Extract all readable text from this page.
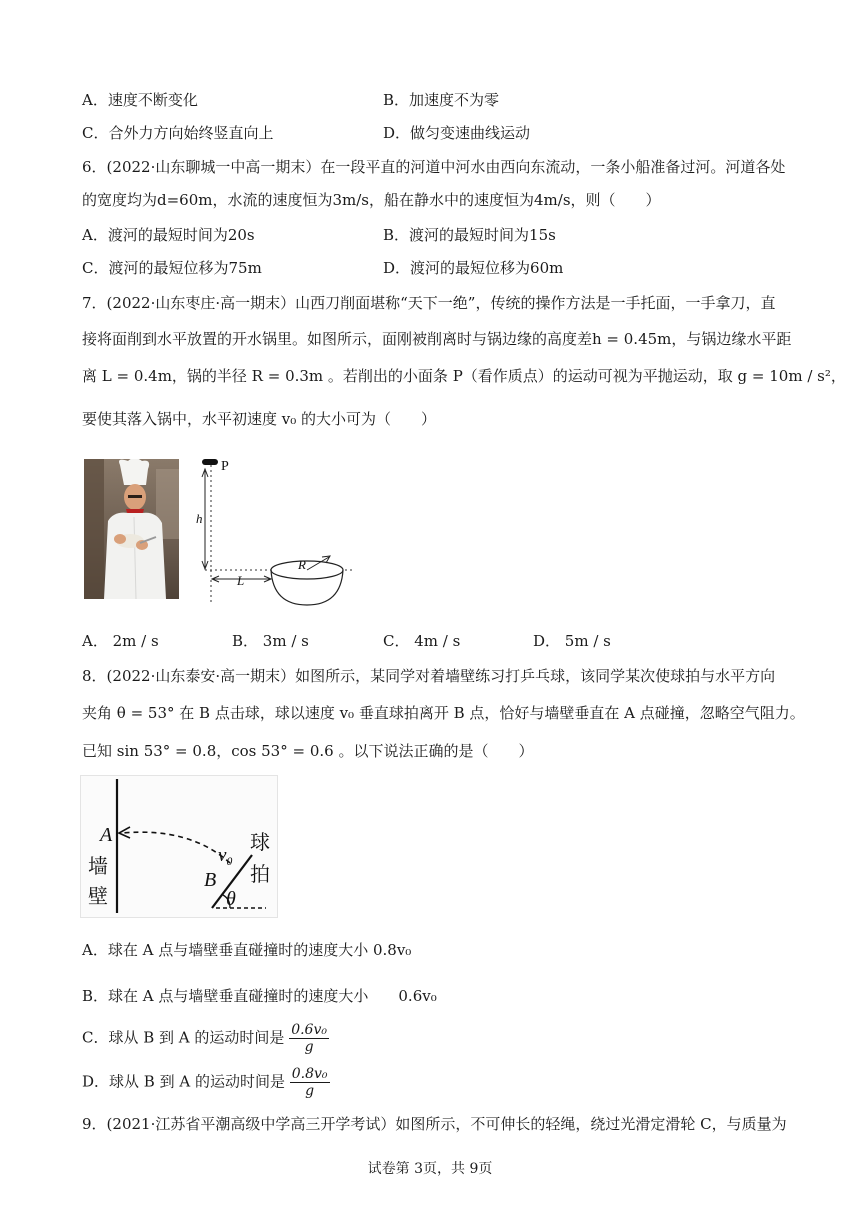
A．速度不断变化	B．加速度不为零
C．合外力方向始终竖直向上	D．做匀变速曲线运动
6．(2022·山东聊城一中高一期末）在一段平直的河道中河水由西向东流动，一条小船准备过河。河道各处
的宽度均为d=60m，水流的速度恒为3m/s，船在静水中的速度恒为4m/s，则（　　）
A．渡河的最短时间为20s	B．渡河的最短时间为15s
C．渡河的最短位移为75m	D．渡河的最短位移为60m
7．(2022·山东枣庄·高一期末）山西刀削面堪称“天下一绝”，传统的操作方法是一手托面，一手拿刀，直
接将面削到水平放置的开水锅里。如图所示，面刚被削离时与锅边缘的高度差h = 0.45m，与锅边缘水平距
离 L = 0.4m，锅的半径 R = 0.3m 。若削出的小面条 P（看作质点）的运动可视为平抛运动，取 g = 10m / s²，
要使其落入锅中，水平初速度 v₀ 的大小可为（　　）
P
h
R
L
A． 2m / s	B． 3m / s	C． 4m / s	D． 5m / s
8．(2022·山东泰安·高一期末）如图所示，某同学对着墙壁练习打乒乓球，该同学某次使球拍与水平方向
夹角 θ = 53° 在 B 点击球，球以速度 v₀ 垂直球拍离开 B 点，恰好与墙壁垂直在 A 点碰撞，忽略空气阻力。
已知 sin 53° = 0.8，cos 53° = 0.6 。以下说法正确的是（　　）
A
墙
壁
v₀
B
θ
球
拍
A．球在 A 点与墙壁垂直碰撞时的速度大小 0.8v₀
B．球在 A 点与墙壁垂直碰撞时的速度大小　　0.6v₀
C．球从 B 到 A 的运动时间是 $\frac{\text{0.6v₀}}{g}$
D．球从 B 到 A 的运动时间是 $\frac{\text{0.8v₀}}{g}$
9．(2021·江苏省平潮高级中学高三开学考试）如图所示，不可伸长的轻绳，绕过光滑定滑轮 C，与质量为
试卷第 3页，共 9页
